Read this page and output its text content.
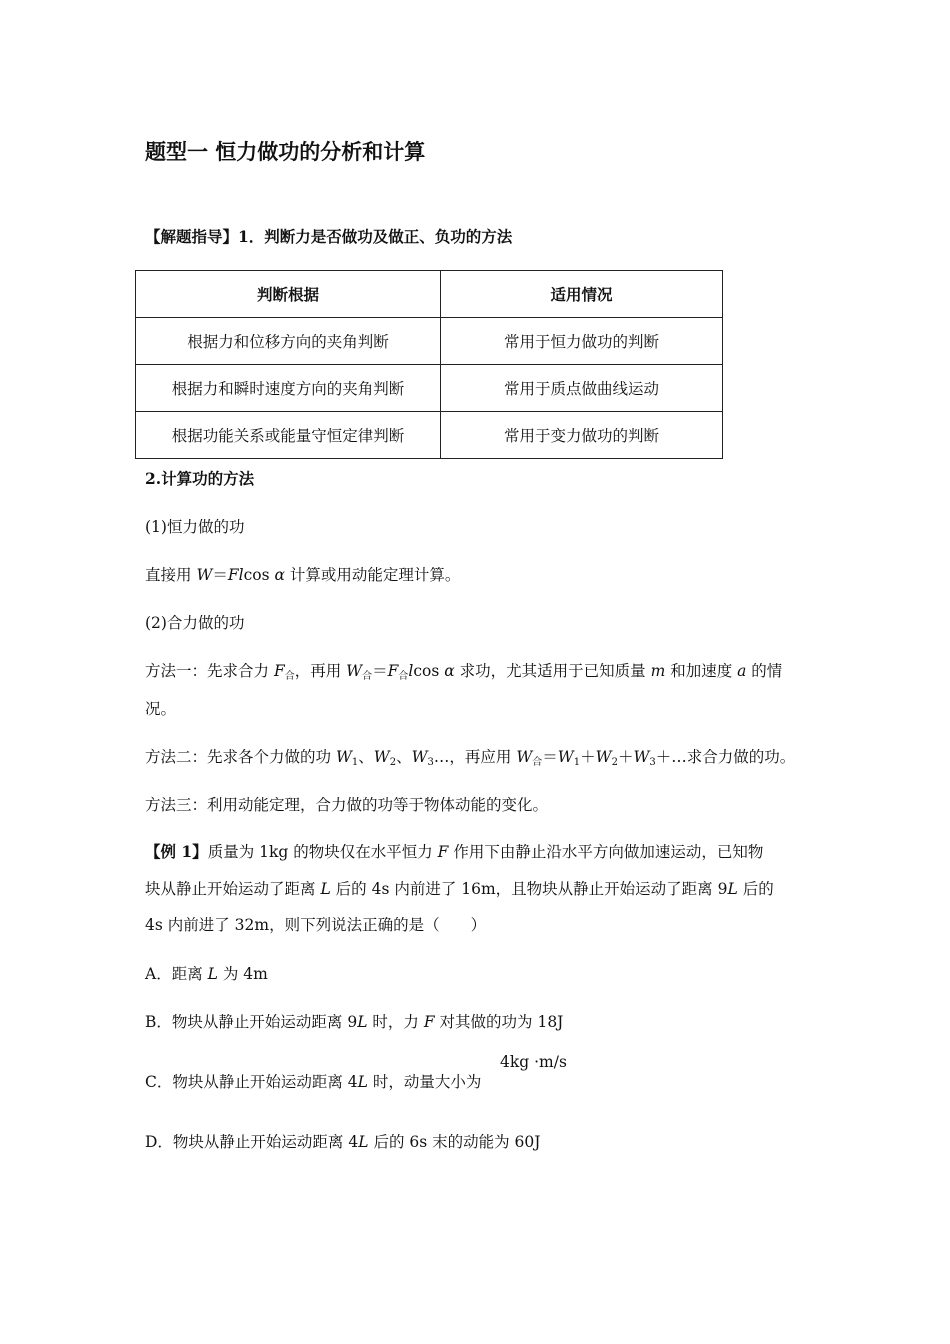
题型一 恒力做功的分析和计算
【解题指导】1．判断力是否做功及做正、负功的方法
判断根据	适用情况
根据力和位移方向的夹角判断	常用于恒力做功的判断
根据力和瞬时速度方向的夹角判断	常用于质点做曲线运动
根据功能关系或能量守恒定律判断	常用于变力做功的判断
2.计算功的方法
(1)恒力做的功
直接用 W＝Flcos α 计算或用动能定理计算。
(2)合力做的功
方法一：先求合力 F合，再用 W合＝F合lcos α 求功，尤其适用于已知质量 m 和加速度 a 的情
况。
方法二：先求各个力做的功 $W_1$、$W_2$、$W_3\dots$，再应用 W合$=W_1+W_2+W_3+\dots$求合力做的功。
方法三：利用动能定理，合力做的功等于物体动能的变化。
【例 1】质量为 1kg 的物块仅在水平恒力 F 作用下由静止沿水平方向做加速运动，已知物
块从静止开始运动了距离 L 后的 4s 内前进了 16m，且物块从静止开始运动了距离 9L 后的
4s 内前进了 32m，则下列说法正确的是（　　）
A．距离 L 为 4m
B．物块从静止开始运动距离 9L 时，力 F 对其做的功为 18J
C．物块从静止开始运动距离 4L 时，动量大小为
4kg ·m/s
D．物块从静止开始运动距离 4L 后的 6s 末的动能为 60J
